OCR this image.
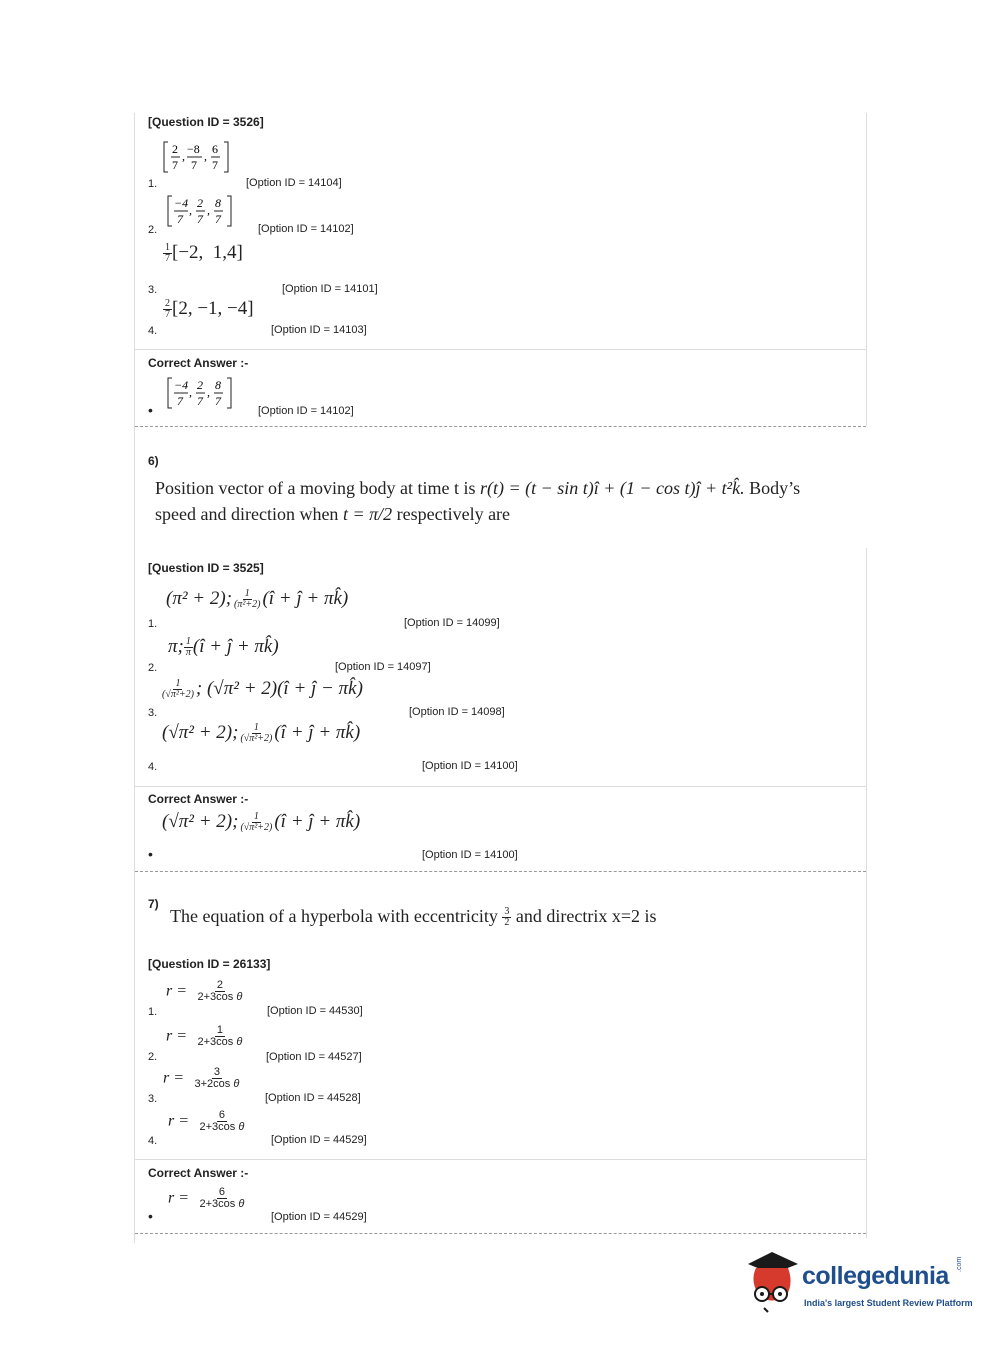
[Question ID = 3526]
2
7
, −8
7
, 6
7
1.	[Option ID = 14104]
−4
7
, 2
7
, 8
7
2.	[Option ID = 14102]
$\frac{1}{7} [-2$,  1,4]
3.	[Option ID = 14101]
$\frac{2}{7} [2$, −1, −4]
4.	[Option ID = 14103]
Correct Answer :-
−4
7
, 2
7
, 8
7
•	[Option ID = 14102]
6)
Position vector of a moving body at time t is r(t) = (t − sin t)î + (1 − cos t)ĵ + t²k̂. Body’s
speed and direction when t = π/2 respectively are
[Question ID = 3525]
(π² + 2); $\frac{1}{\text{(π²+2)}}$ (î + ĵ + πk̂)
1.	[Option ID = 14099]
π; $\frac{1}{\pi}$ (î + ĵ + πk̂)
2.	[Option ID = 14097]
$\frac{1}{\text{(√π²+2)}}$ ; (√π² + 2)(î + ĵ − πk̂)
3.	[Option ID = 14098]
(√π² + 2); $\frac{1}{\text{(√π²+2)}}$ (î + ĵ + πk̂)
4.	[Option ID = 14100]
Correct Answer :-
(√π² + 2); $\frac{1}{\text{(√π²+2)}}$ (î + ĵ + πk̂)
•	[Option ID = 14100]
7)
The equation of a hyperbola with eccentricity $\frac{3}{2}$ and directrix x=2 is
[Question ID = 26133]
$r = \frac{2}{\text{2+3cos θ}}$
1.	[Option ID = 44530]
$r = \frac{1}{\text{2+3cos θ}}$
2.	[Option ID = 44527]
$r = \frac{3}{\text{3+2cos θ}}$
3.	[Option ID = 44528]
$r = \frac{6}{\text{2+3cos θ}}$
4.	[Option ID = 44529]
Correct Answer :-
$r = \frac{6}{\text{2+3cos θ}}$
•	[Option ID = 44529]
collegedunia .com
India's largest Student Review Platform
